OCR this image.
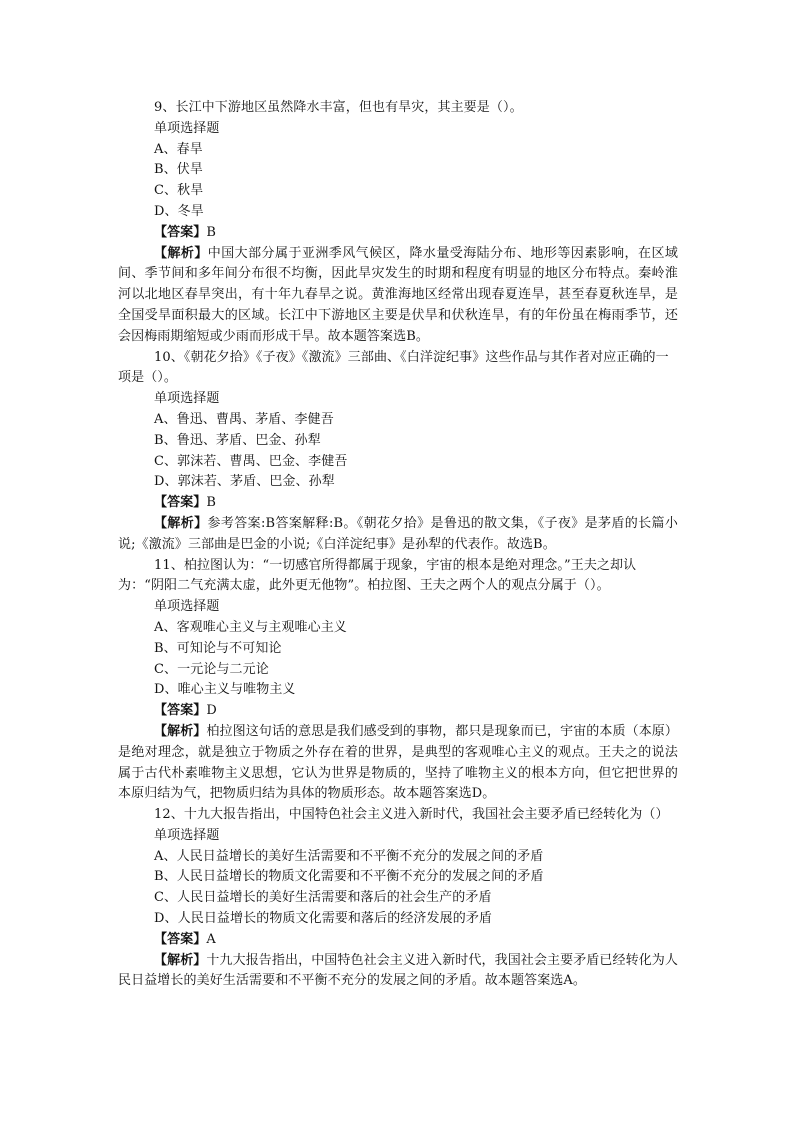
9、长江中下游地区虽然降水丰富，但也有旱灾，其主要是（）。

单项选择题

A、春旱

B、伏旱

C、秋旱

D、冬旱

【答案】B

【解析】中国大部分属于亚洲季风气候区，降水量受海陆分布、地形等因素影响，在区域间、季节间和多年间分布很不均衡，因此旱灾发生的时期和程度有明显的地区分布特点。秦岭淮河以北地区春旱突出，有十年九春旱之说。黄淮海地区经常出现春夏连旱，甚至春夏秋连旱，是全国受旱面积最大的区域。长江中下游地区主要是伏旱和伏秋连旱，有的年份虽在梅雨季节，还会因梅雨期缩短或少雨而形成干旱。故本题答案选B。

10、《朝花夕拾》《子夜》《激流》三部曲、《白洋淀纪事》这些作品与其作者对应正确的一项是（）。

单项选择题

A、鲁迅、曹禺、茅盾、李健吾

B、鲁迅、茅盾、巴金、孙犁

C、郭沫若、曹禺、巴金、李健吾

D、郭沫若、茅盾、巴金、孙犁

【答案】B

【解析】参考答案:B答案解释:B。《朝花夕拾》是鲁迅的散文集，《子夜》是茅盾的长篇小说;《激流》三部曲是巴金的小说;《白洋淀纪事》是孙犁的代表作。故选B。

11、柏拉图认为：“一切感官所得都属于现象，宇宙的根本是绝对理念。”王夫之却认为：“阴阳二气充满太虚，此外更无他物”。柏拉图、王夫之两个人的观点分属于（）。

单项选择题

A、客观唯心主义与主观唯心主义

B、可知论与不可知论

C、一元论与二元论

D、唯心主义与唯物主义

【答案】D

【解析】柏拉图这句话的意思是我们感受到的事物，都只是现象而已，宇宙的本质（本原）是绝对理念，就是独立于物质之外存在着的世界，是典型的客观唯心主义的观点。王夫之的说法属于古代朴素唯物主义思想，它认为世界是物质的，坚持了唯物主义的根本方向，但它把世界的本原归结为气，把物质归结为具体的物质形态。故本题答案选D。

12、十九大报告指出，中国特色社会主义进入新时代，我国社会主要矛盾已经转化为（）

单项选择题

A、人民日益增长的美好生活需要和不平衡不充分的发展之间的矛盾

B、人民日益增长的物质文化需要和不平衡不充分的发展之间的矛盾

C、人民日益增长的美好生活需要和落后的社会生产的矛盾

D、人民日益增长的物质文化需要和落后的经济发展的矛盾

【答案】A

【解析】十九大报告指出，中国特色社会主义进入新时代，我国社会主要矛盾已经转化为人民日益增长的美好生活需要和不平衡不充分的发展之间的矛盾。故本题答案选A。
